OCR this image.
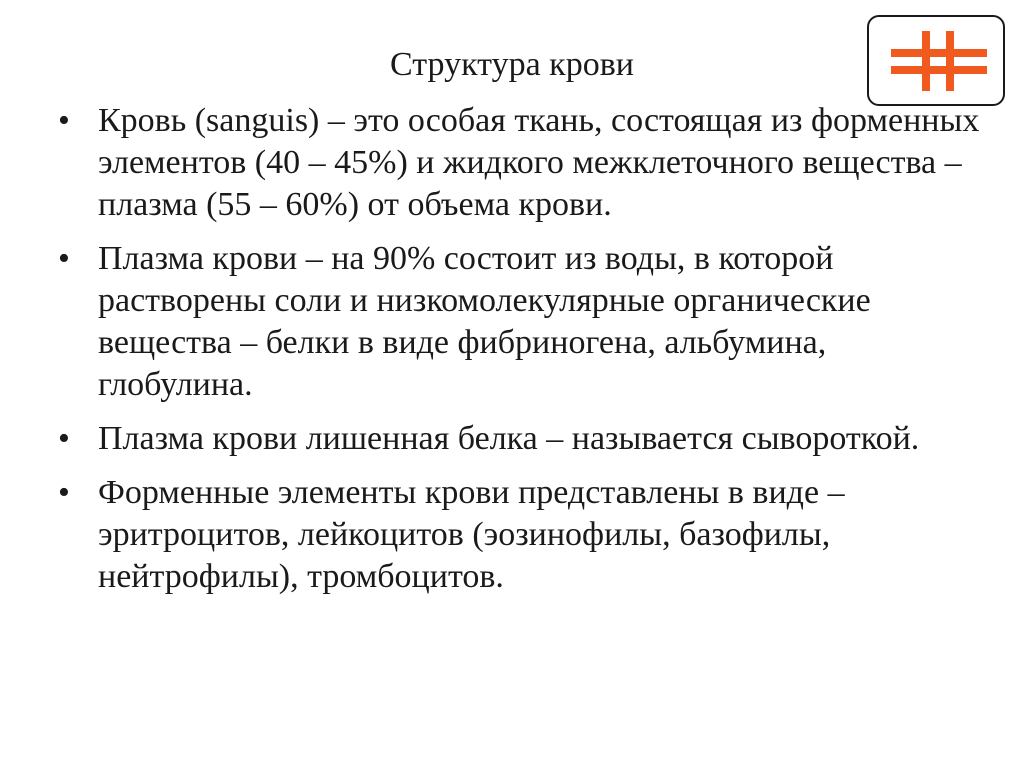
Структура крови
• Кровь (sanguis) – это особая ткань, состоящая из форменных элементов (40 – 45%) и жидкого межклеточного вещества – плазма (55 – 60%) от объема крови.
• Плазма крови – на 90% состоит из воды, в которой растворены соли и низкомолекулярные органические вещества – белки в виде фибриногена, альбумина, глобулина.
• Плазма крови лишенная белка – называется сывороткой.
• Форменные элементы крови представлены в виде – эритроцитов, лейкоцитов (эозинофилы, базофилы, нейтрофилы), тромбоцитов.
